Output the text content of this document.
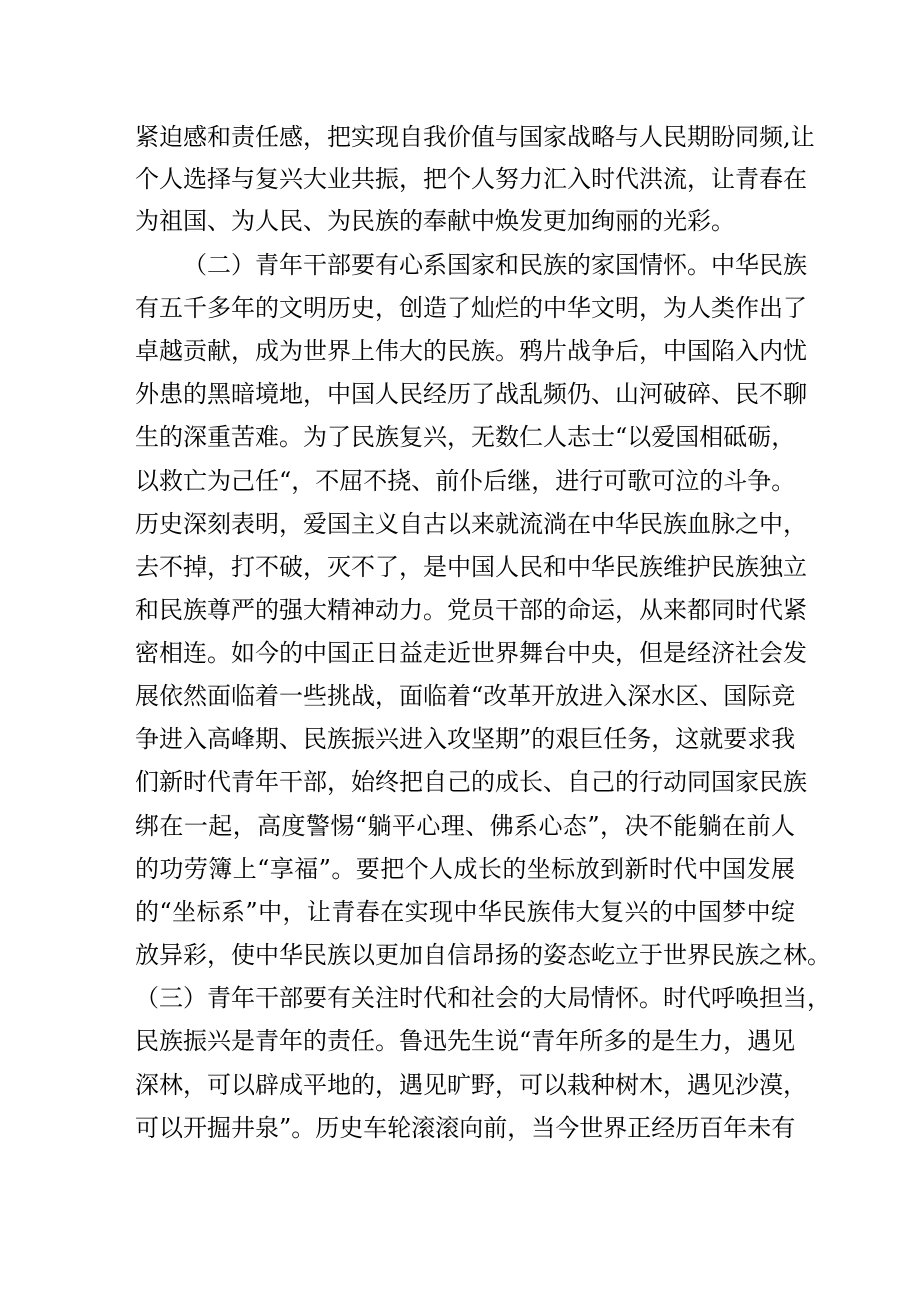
紧迫感和责任感，把实现自我价值与国家战略与人民期盼同频,让
个人选择与复兴大业共振，把个人努力汇入时代洪流，让青春在
为祖国、为人民、为民族的奉献中焕发更加绚丽的光彩。
（二）青年干部要有心系国家和民族的家国情怀。中华民族
有五千多年的文明历史，创造了灿烂的中华文明，为人类作出了
卓越贡献，成为世界上伟大的民族。鸦片战争后，中国陷入内忧
外患的黑暗境地，中国人民经历了战乱频仍、山河破碎、民不聊
生的深重苦难。为了民族复兴，无数仁人志士“以爱国相砥砺，
以救亡为己任“，不屈不挠、前仆后继，进行可歌可泣的斗争。
历史深刻表明，爱国主义自古以来就流淌在中华民族血脉之中，
去不掉，打不破，灭不了，是中国人民和中华民族维护民族独立
和民族尊严的强大精神动力。党员干部的命运，从来都同时代紧
密相连。如今的中国正日益走近世界舞台中央，但是经济社会发
展依然面临着一些挑战，面临着“改革开放进入深水区、国际竞
争进入高峰期、民族振兴进入攻坚期”的艰巨任务，这就要求我
们新时代青年干部，始终把自己的成长、自己的行动同国家民族
绑在一起，高度警惕“躺平心理、佛系心态”，决不能躺在前人
的功劳簿上“享福”。要把个人成长的坐标放到新时代中国发展
的“坐标系”中，让青春在实现中华民族伟大复兴的中国梦中绽
放异彩，使中华民族以更加自信昂扬的姿态屹立于世界民族之林。
（三）青年干部要有关注时代和社会的大局情怀。时代呼唤担当，
民族振兴是青年的责任。鲁迅先生说“青年所多的是生力，遇见
深林，可以辟成平地的，遇见旷野，可以栽种树木，遇见沙漠，
可以开掘井泉”。历史车轮滚滚向前，当今世界正经历百年未有
